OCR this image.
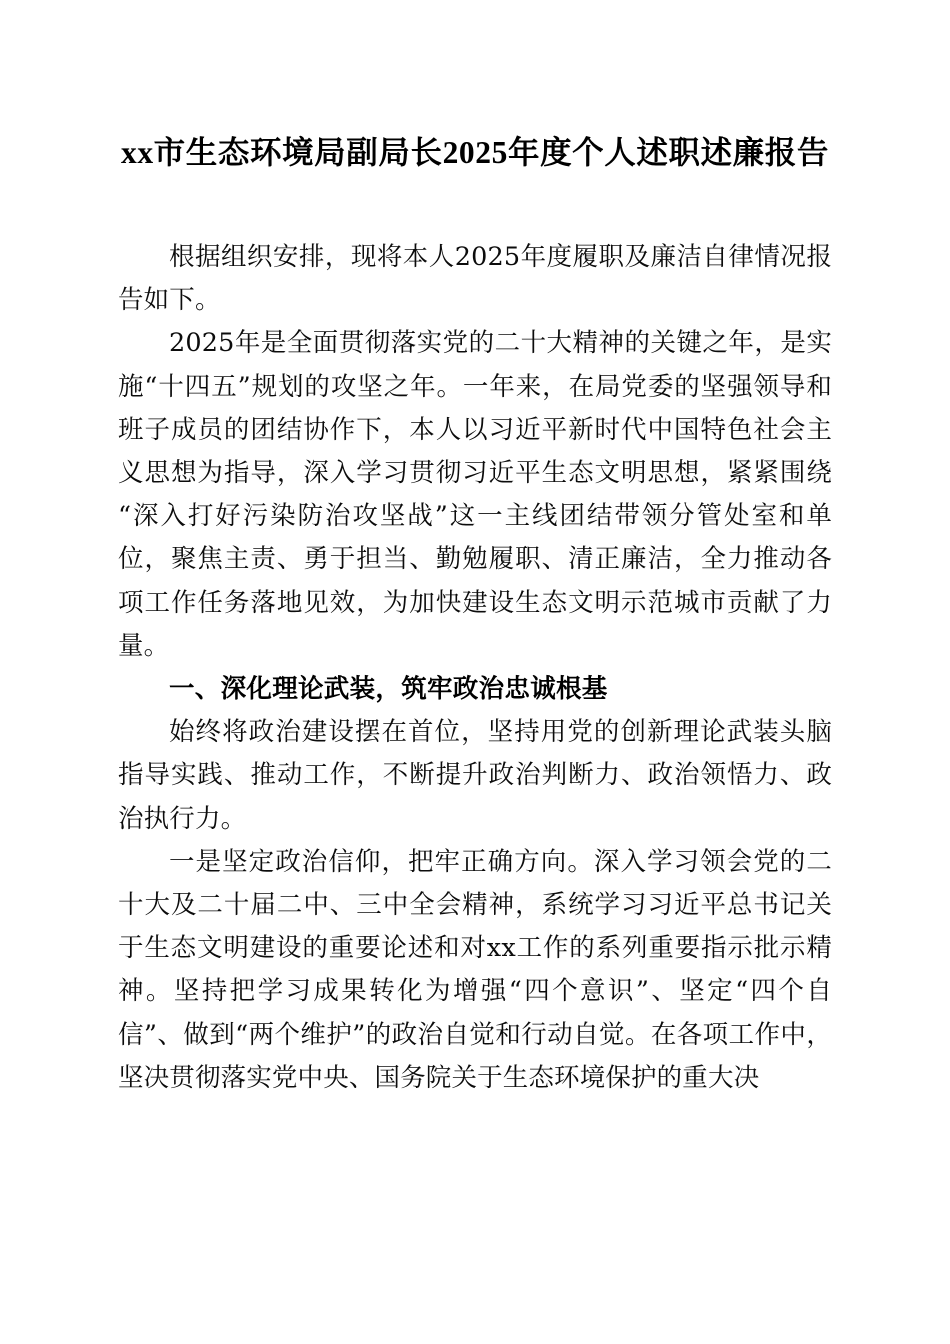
xx市生态环境局副局长2025年度个人述职述廉报告

根据组织安排，现将本人2025年度履职及廉洁自律情况报告如下。

2025年是全面贯彻落实党的二十大精神的关键之年，是实施“十四五”规划的攻坚之年。一年来，在局党委的坚强领导和班子成员的团结协作下，本人以习近平新时代中国特色社会主义思想为指导，深入学习贯彻习近平生态文明思想，紧紧围绕“深入打好污染防治攻坚战”这一主线团结带领分管处室和单位，聚焦主责、勇于担当、勤勉履职、清正廉洁，全力推动各项工作任务落地见效，为加快建设生态文明示范城市贡献了力量。

一、深化理论武装，筑牢政治忠诚根基

始终将政治建设摆在首位，坚持用党的创新理论武装头脑指导实践、推动工作，不断提升政治判断力、政治领悟力、政治执行力。

一是坚定政治信仰，把牢正确方向。深入学习领会党的二十大及二十届二中、三中全会精神，系统学习习近平总书记关于生态文明建设的重要论述和对xx工作的系列重要指示批示精神。坚持把学习成果转化为增强“四个意识”、坚定“四个自信”、做到“两个维护”的政治自觉和行动自觉。在各项工作中，坚决贯彻落实党中央、国务院关于生态环境保护的重大决
